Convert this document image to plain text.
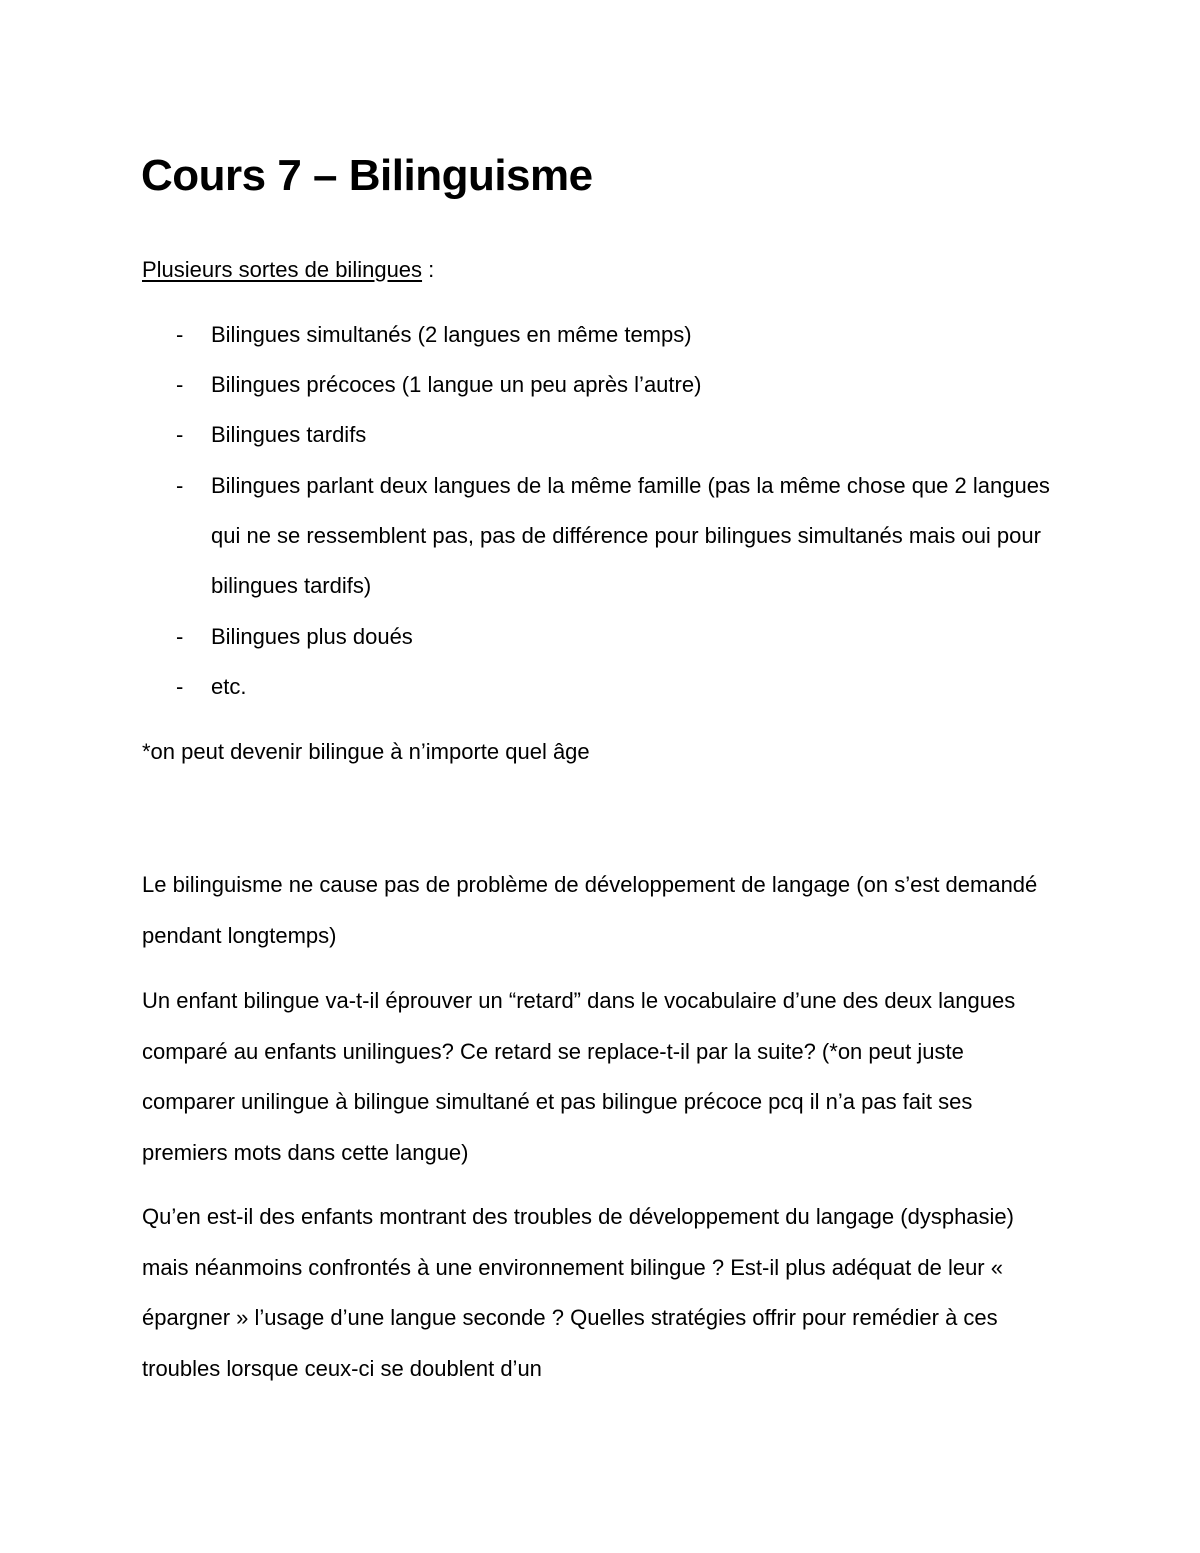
Cours 7 – Bilinguisme
Plusieurs sortes de bilingues :
-	Bilingues simultanés (2 langues en même temps)
-	Bilingues précoces (1 langue un peu après l’autre)
-	Bilingues tardifs
-	Bilingues parlant deux langues de la même famille (pas la même chose que 2 langues qui ne se ressemblent pas, pas de différence pour bilingues simultanés mais oui pour bilingues tardifs)
-	Bilingues plus doués
-	etc.

*on peut devenir bilingue à n’importe quel âge

Le bilinguisme ne cause pas de problème de développement de langage (on s’est demandé pendant longtemps)

Un enfant bilingue va-t-il éprouver un “retard” dans le vocabulaire d’une des deux langues comparé au enfants unilingues? Ce retard se replace-t-il par la suite? (*on peut juste comparer unilingue à bilingue simultané et pas bilingue précoce pcq il n’a pas fait ses premiers mots dans cette langue)

Qu’en est-il des enfants montrant des troubles de développement du langage (dysphasie) mais néanmoins confrontés à une environnement bilingue ? Est-il plus adéquat de leur « épargner » l’usage d’une langue seconde ? Quelles stratégies offrir pour remédier à ces troubles lorsque ceux-ci se doublent d’un
